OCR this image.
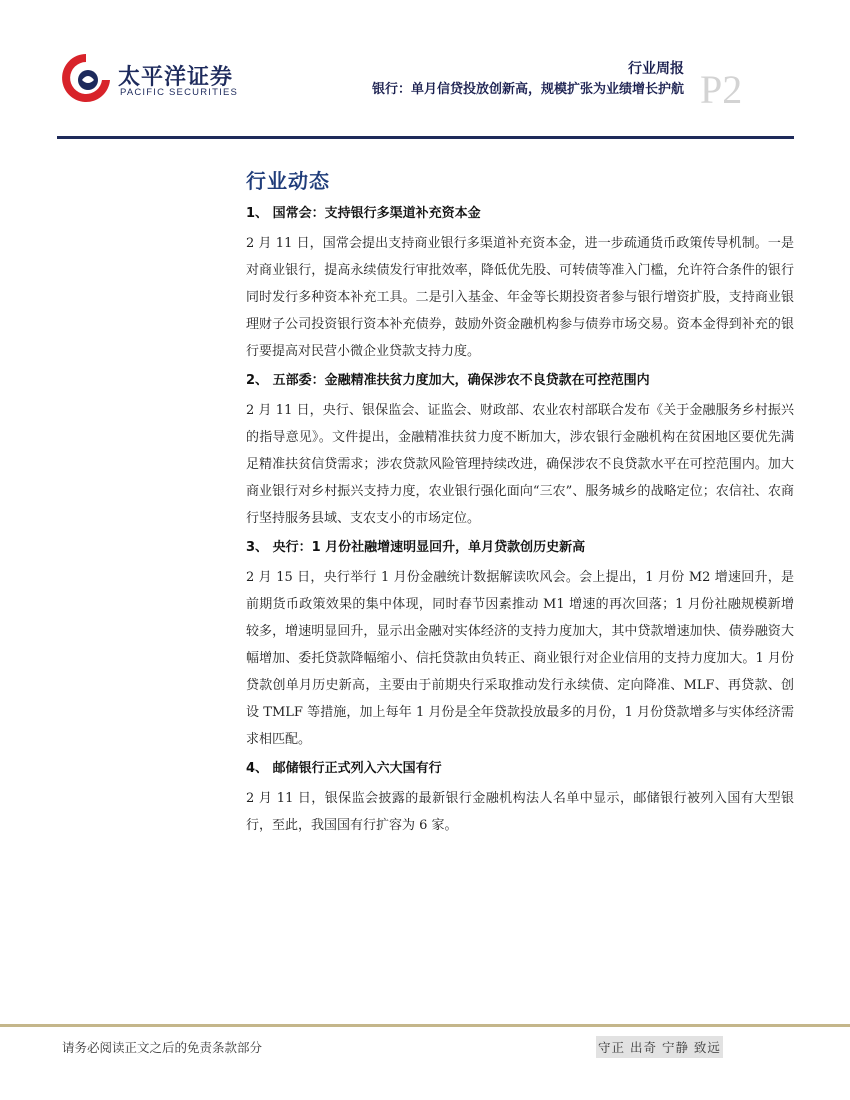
太平洋证券
PACIFIC SECURITIES
行业周报
银行：单月信贷投放创新高，规模扩张为业绩增长护航 P2
行业动态
1、 国常会：支持银行多渠道补充资本金

2 月 11 日，国常会提出支持商业银行多渠道补充资本金，进一步疏通货币政策传导机制。一是对商业银行，提高永续债发行审批效率，降低优先股、可转债等准入门槛，允许符合条件的银行同时发行多种资本补充工具。二是引入基金、年金等长期投资者参与银行增资扩股，支持商业银理财子公司投资银行资本补充债券，鼓励外资金融机构参与债券市场交易。资本金得到补充的银行要提高对民营小微企业贷款支持力度。

2、 五部委：金融精准扶贫力度加大，确保涉农不良贷款在可控范围内

2 月 11 日，央行、银保监会、证监会、财政部、农业农村部联合发布《关于金融服务乡村振兴的指导意见》。文件提出，金融精准扶贫力度不断加大，涉农银行金融机构在贫困地区要优先满足精准扶贫信贷需求；涉农贷款风险管理持续改进，确保涉农不良贷款水平在可控范围内。加大商业银行对乡村振兴支持力度，农业银行强化面向“三农”、服务城乡的战略定位；农信社、农商行坚持服务县域、支农支小的市场定位。

3、 央行：1 月份社融增速明显回升，单月贷款创历史新高

2 月 15 日，央行举行 1 月份金融统计数据解读吹风会。会上提出，1 月份 M2 增速回升，是前期货币政策效果的集中体现，同时春节因素推动 M1 增速的再次回落；1 月份社融规模新增较多，增速明显回升，显示出金融对实体经济的支持力度加大，其中贷款增速加快、债券融资大幅增加、委托贷款降幅缩小、信托贷款由负转正、商业银行对企业信用的支持力度加大。1 月份贷款创单月历史新高，主要由于前期央行采取推动发行永续债、定向降准、MLF、再贷款、创设 TMLF 等措施，加上每年 1 月份是全年贷款投放最多的月份，1 月份贷款增多与实体经济需求相匹配。

4、 邮储银行正式列入六大国有行

2 月 11 日，银保监会披露的最新银行金融机构法人名单中显示，邮储银行被列入国有大型银行，至此，我国国有行扩容为 6 家。

请务必阅读正文之后的免责条款部分	守正 出奇 宁静 致远
